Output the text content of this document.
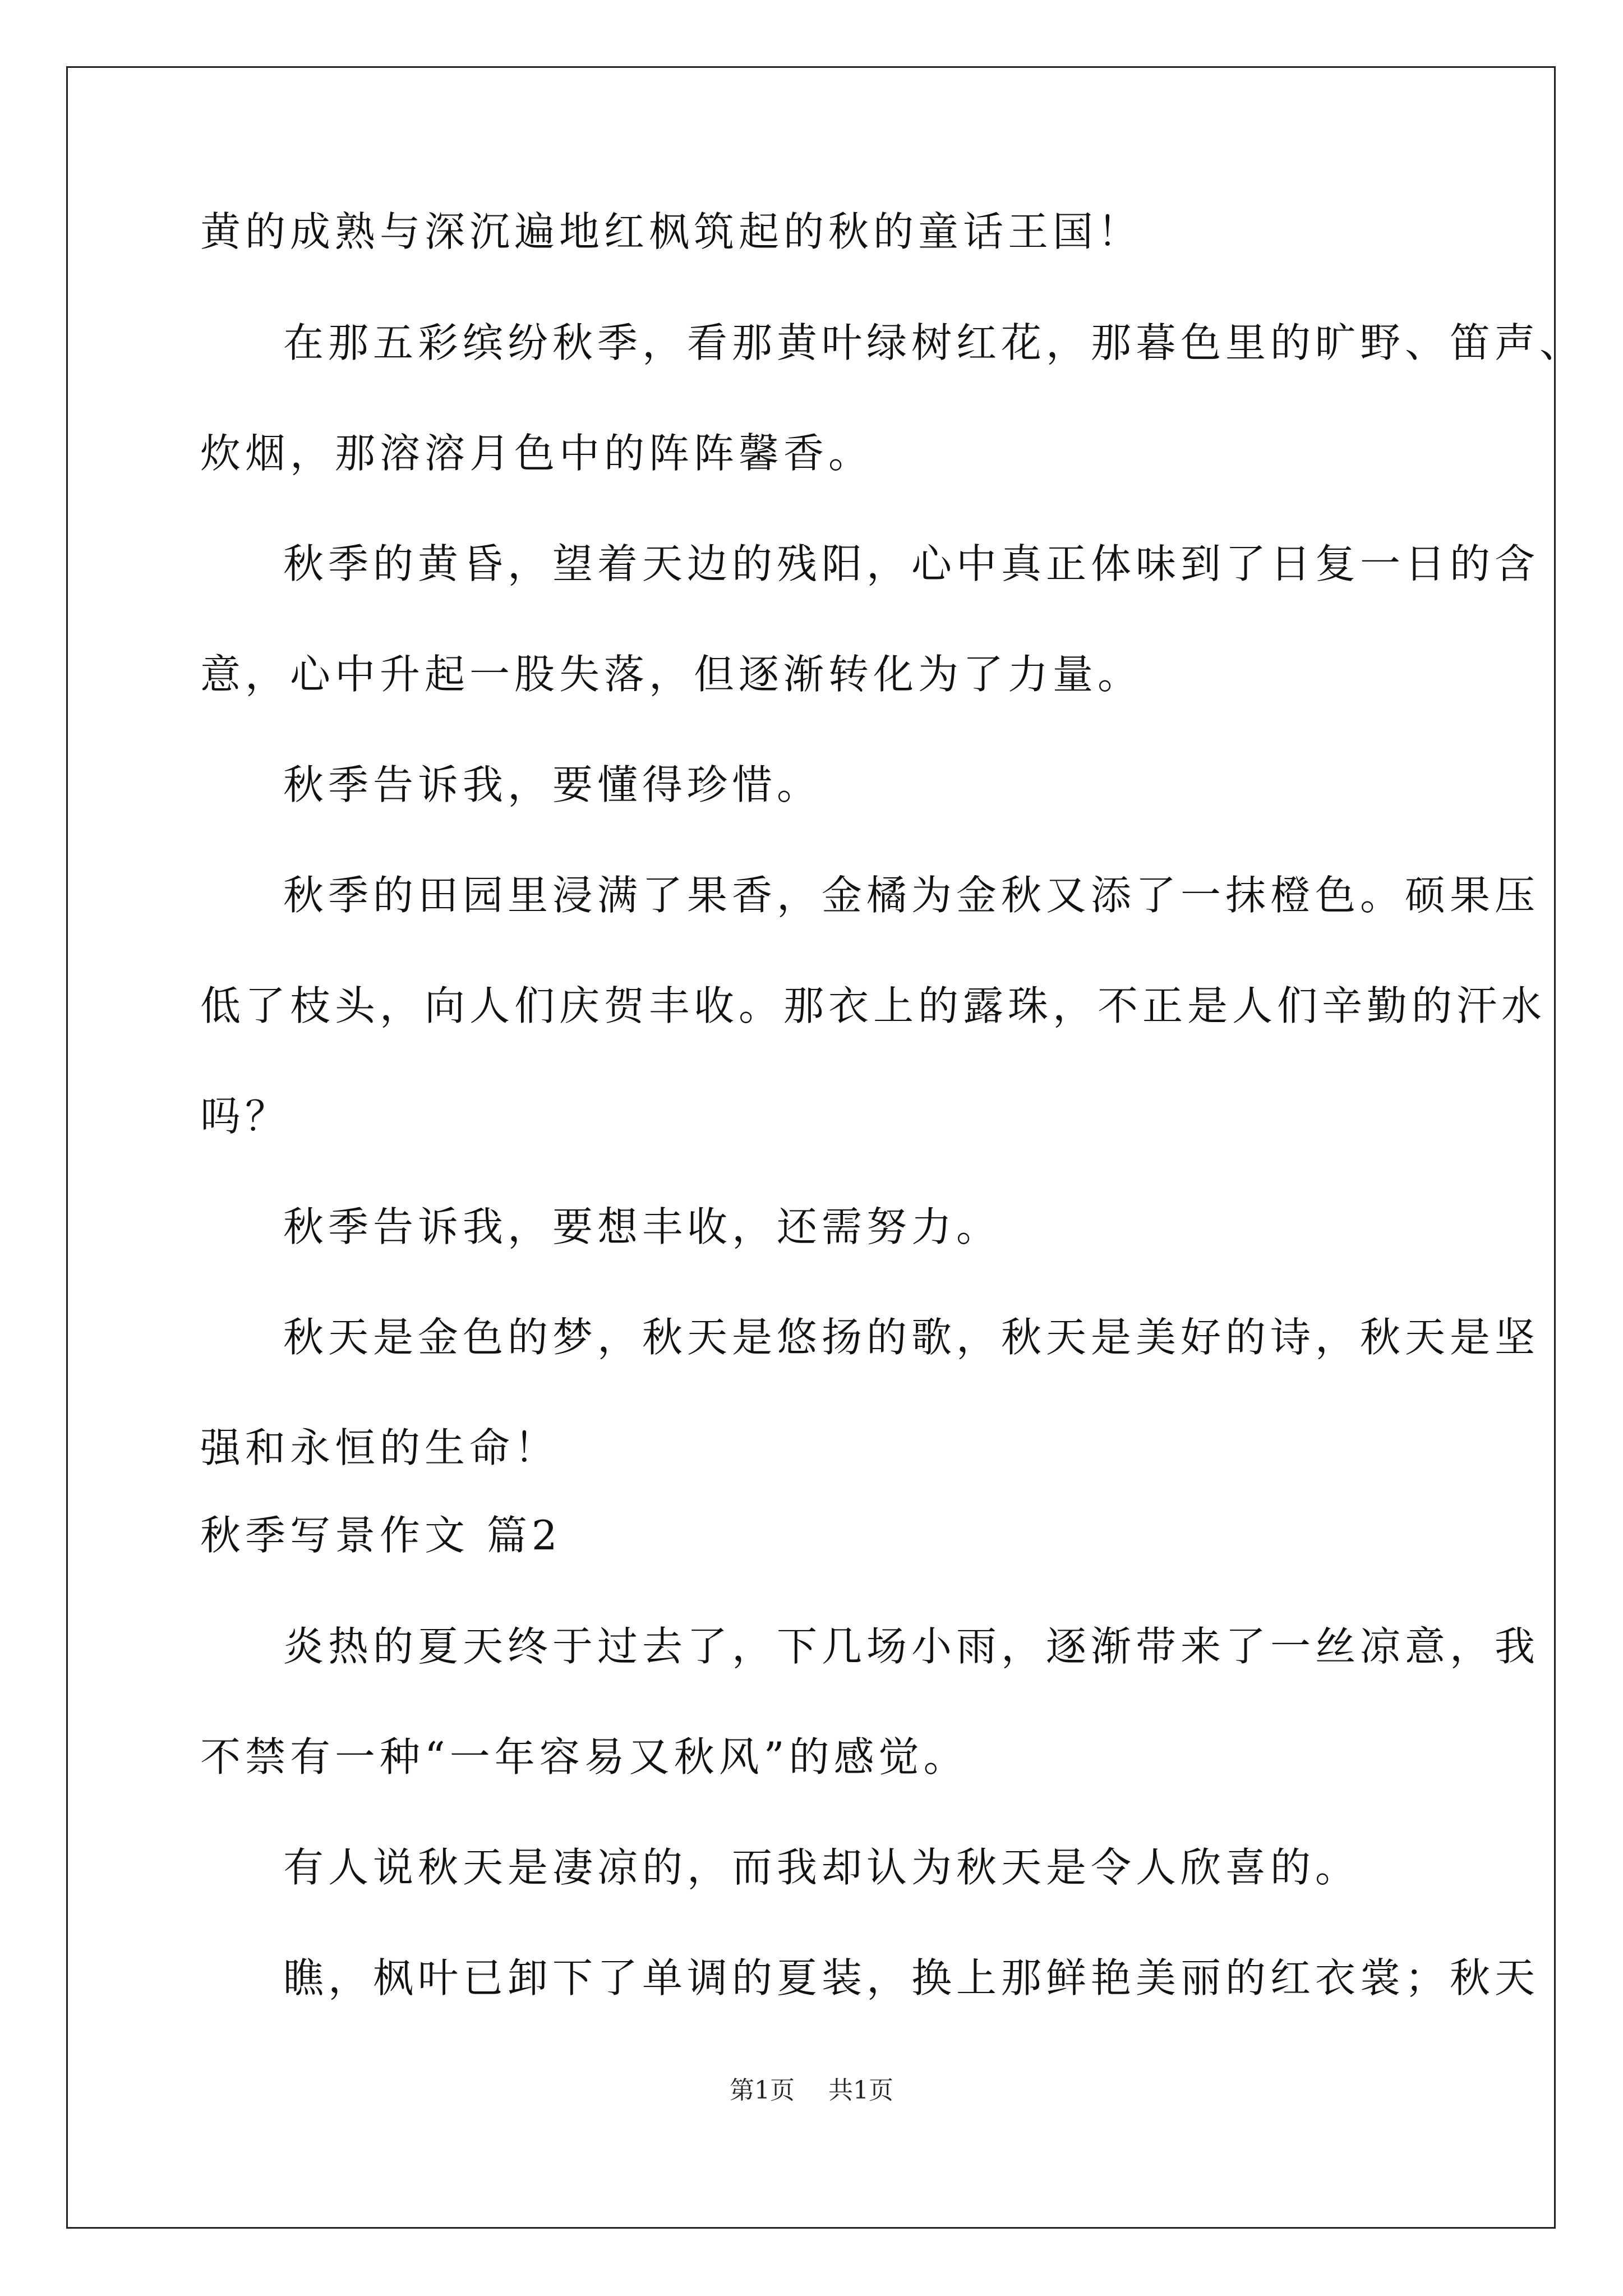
黄的成熟与深沉遍地红枫筑起的秋的童话王国！

在那五彩缤纷秋季，看那黄叶绿树红花，那暮色里的旷野、笛声、

炊烟，那溶溶月色中的阵阵馨香。

秋季的黄昏，望着天边的残阳，心中真正体味到了日复一日的含

意，心中升起一股失落，但逐渐转化为了力量。

秋季告诉我，要懂得珍惜。

秋季的田园里浸满了果香，金橘为金秋又添了一抹橙色。硕果压

低了枝头，向人们庆贺丰收。那衣上的露珠，不正是人们辛勤的汗水

吗？

秋季告诉我，要想丰收，还需努力。

秋天是金色的梦，秋天是悠扬的歌，秋天是美好的诗，秋天是坚

强和永恒的生命！

秋季写景作文 篇2

炎热的夏天终于过去了，下几场小雨，逐渐带来了一丝凉意，我

不禁有一种“一年容易又秋风”的感觉。

有人说秋天是凄凉的，而我却认为秋天是令人欣喜的。

瞧，枫叶已卸下了单调的夏装，换上那鲜艳美丽的红衣裳；秋天

第1页 共1页
